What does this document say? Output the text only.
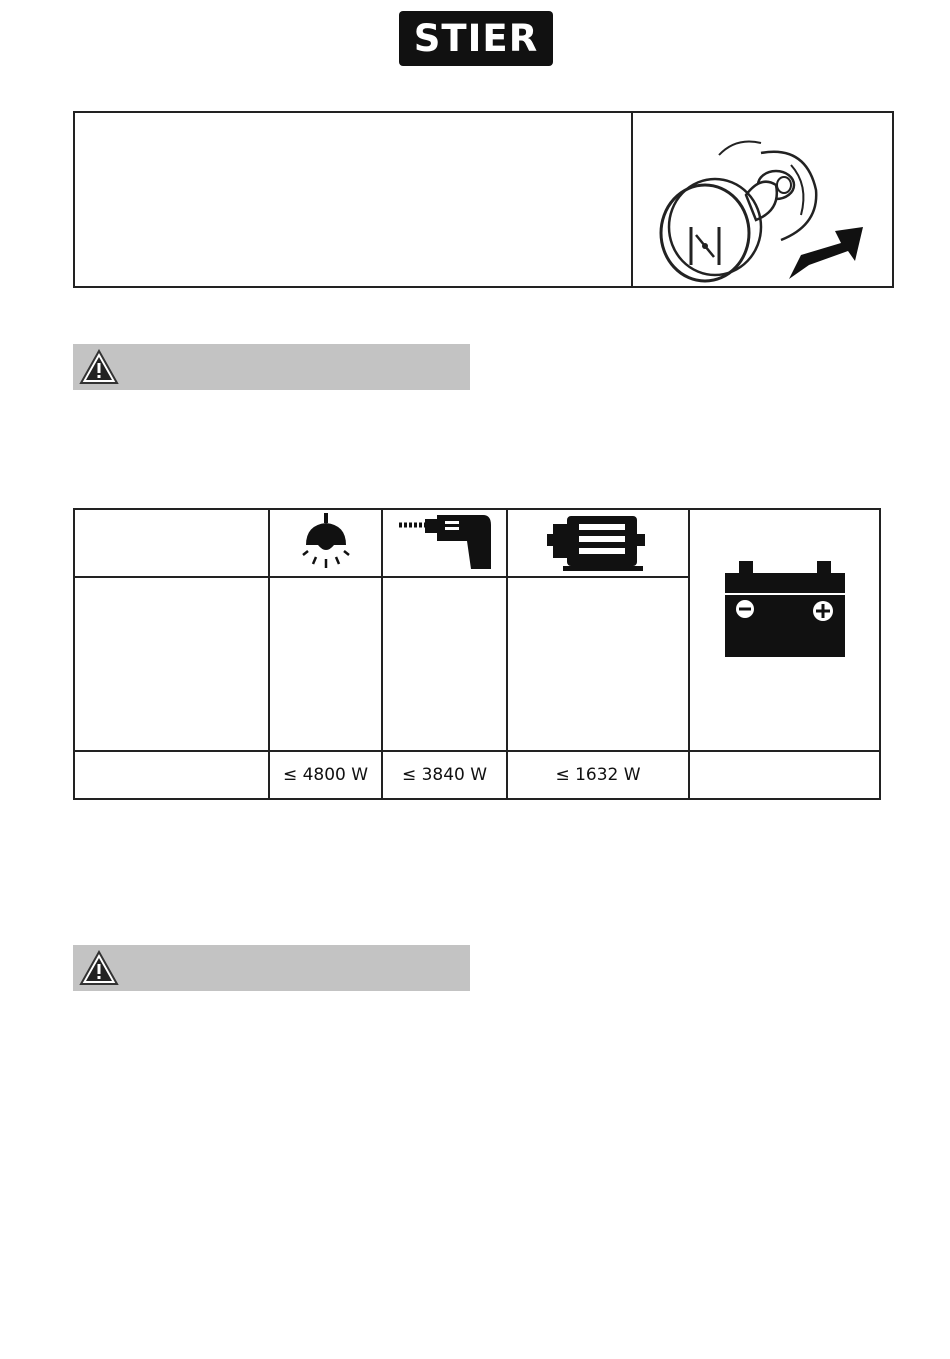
STIER

	≤ 4800 W	≤ 3840 W	≤ 1632 W	
